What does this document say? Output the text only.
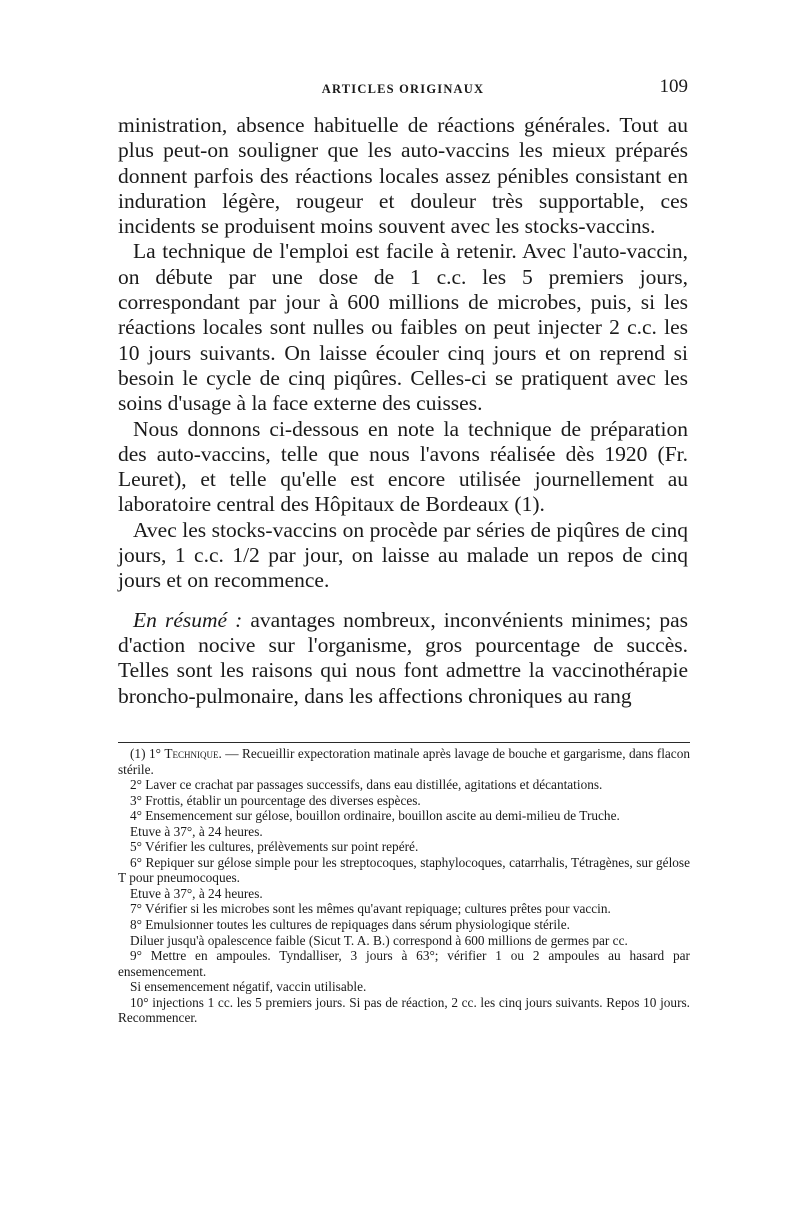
ARTICLES ORIGINAUX	109

ministration, absence habituelle de réactions générales. Tout au plus peut-on souligner que les auto-vaccins les mieux préparés donnent parfois des réactions locales assez pénibles consistant en induration légère, rougeur et douleur très supportable, ces incidents se produisent moins souvent avec les stocks-vaccins.

La technique de l'emploi est facile à retenir. Avec l'auto-vaccin, on débute par une dose de 1 c.c. les 5 premiers jours, correspondant par jour à 600 millions de microbes, puis, si les réactions locales sont nulles ou faibles on peut injecter 2 c.c. les 10 jours suivants. On laisse écouler cinq jours et on reprend si besoin le cycle de cinq piqûres. Celles-ci se pratiquent avec les soins d'usage à la face externe des cuisses.

Nous donnons ci-dessous en note la technique de préparation des auto-vaccins, telle que nous l'avons réalisée dès 1920 (Fr. Leuret), et telle qu'elle est encore utilisée journellement au laboratoire central des Hôpitaux de Bordeaux (1).

Avec les stocks-vaccins on procède par séries de piqûres de cinq jours, 1 c.c. 1/2 par jour, on laisse au malade un repos de cinq jours et on recommence.

En résumé : avantages nombreux, inconvénients minimes; pas d'action nocive sur l'organisme, gros pourcentage de succès. Telles sont les raisons qui nous font admettre la vaccinothérapie broncho-pulmonaire, dans les affections chroniques au rang

(1) 1° Technique. — Recueillir expectoration matinale après lavage de bouche et gargarisme, dans flacon stérile.

2° Laver ce crachat par passages successifs, dans eau distillée, agitations et décantations.

3° Frottis, établir un pourcentage des diverses espèces.

4° Ensemencement sur gélose, bouillon ordinaire, bouillon ascite au demi-milieu de Truche.

Etuve à 37°, à 24 heures.

5° Vérifier les cultures, prélèvements sur point repéré.

6° Repiquer sur gélose simple pour les streptocoques, staphylocoques, catarrhalis, Tétragènes, sur gélose T pour pneumocoques.

Etuve à 37°, à 24 heures.

7° Vérifier si les microbes sont les mêmes qu'avant repiquage; cultures prêtes pour vaccin.

8° Emulsionner toutes les cultures de repiquages dans sérum physiologique stérile.

Diluer jusqu'à opalescence faible (Sicut T. A. B.) correspond à 600 millions de germes par cc.

9° Mettre en ampoules. Tyndalliser, 3 jours à 63°; vérifier 1 ou 2 ampoules au hasard par ensemencement.

Si ensemencement négatif, vaccin utilisable.

10° injections 1 cc. les 5 premiers jours. Si pas de réaction, 2 cc. les cinq jours suivants. Repos 10 jours. Recommencer.
